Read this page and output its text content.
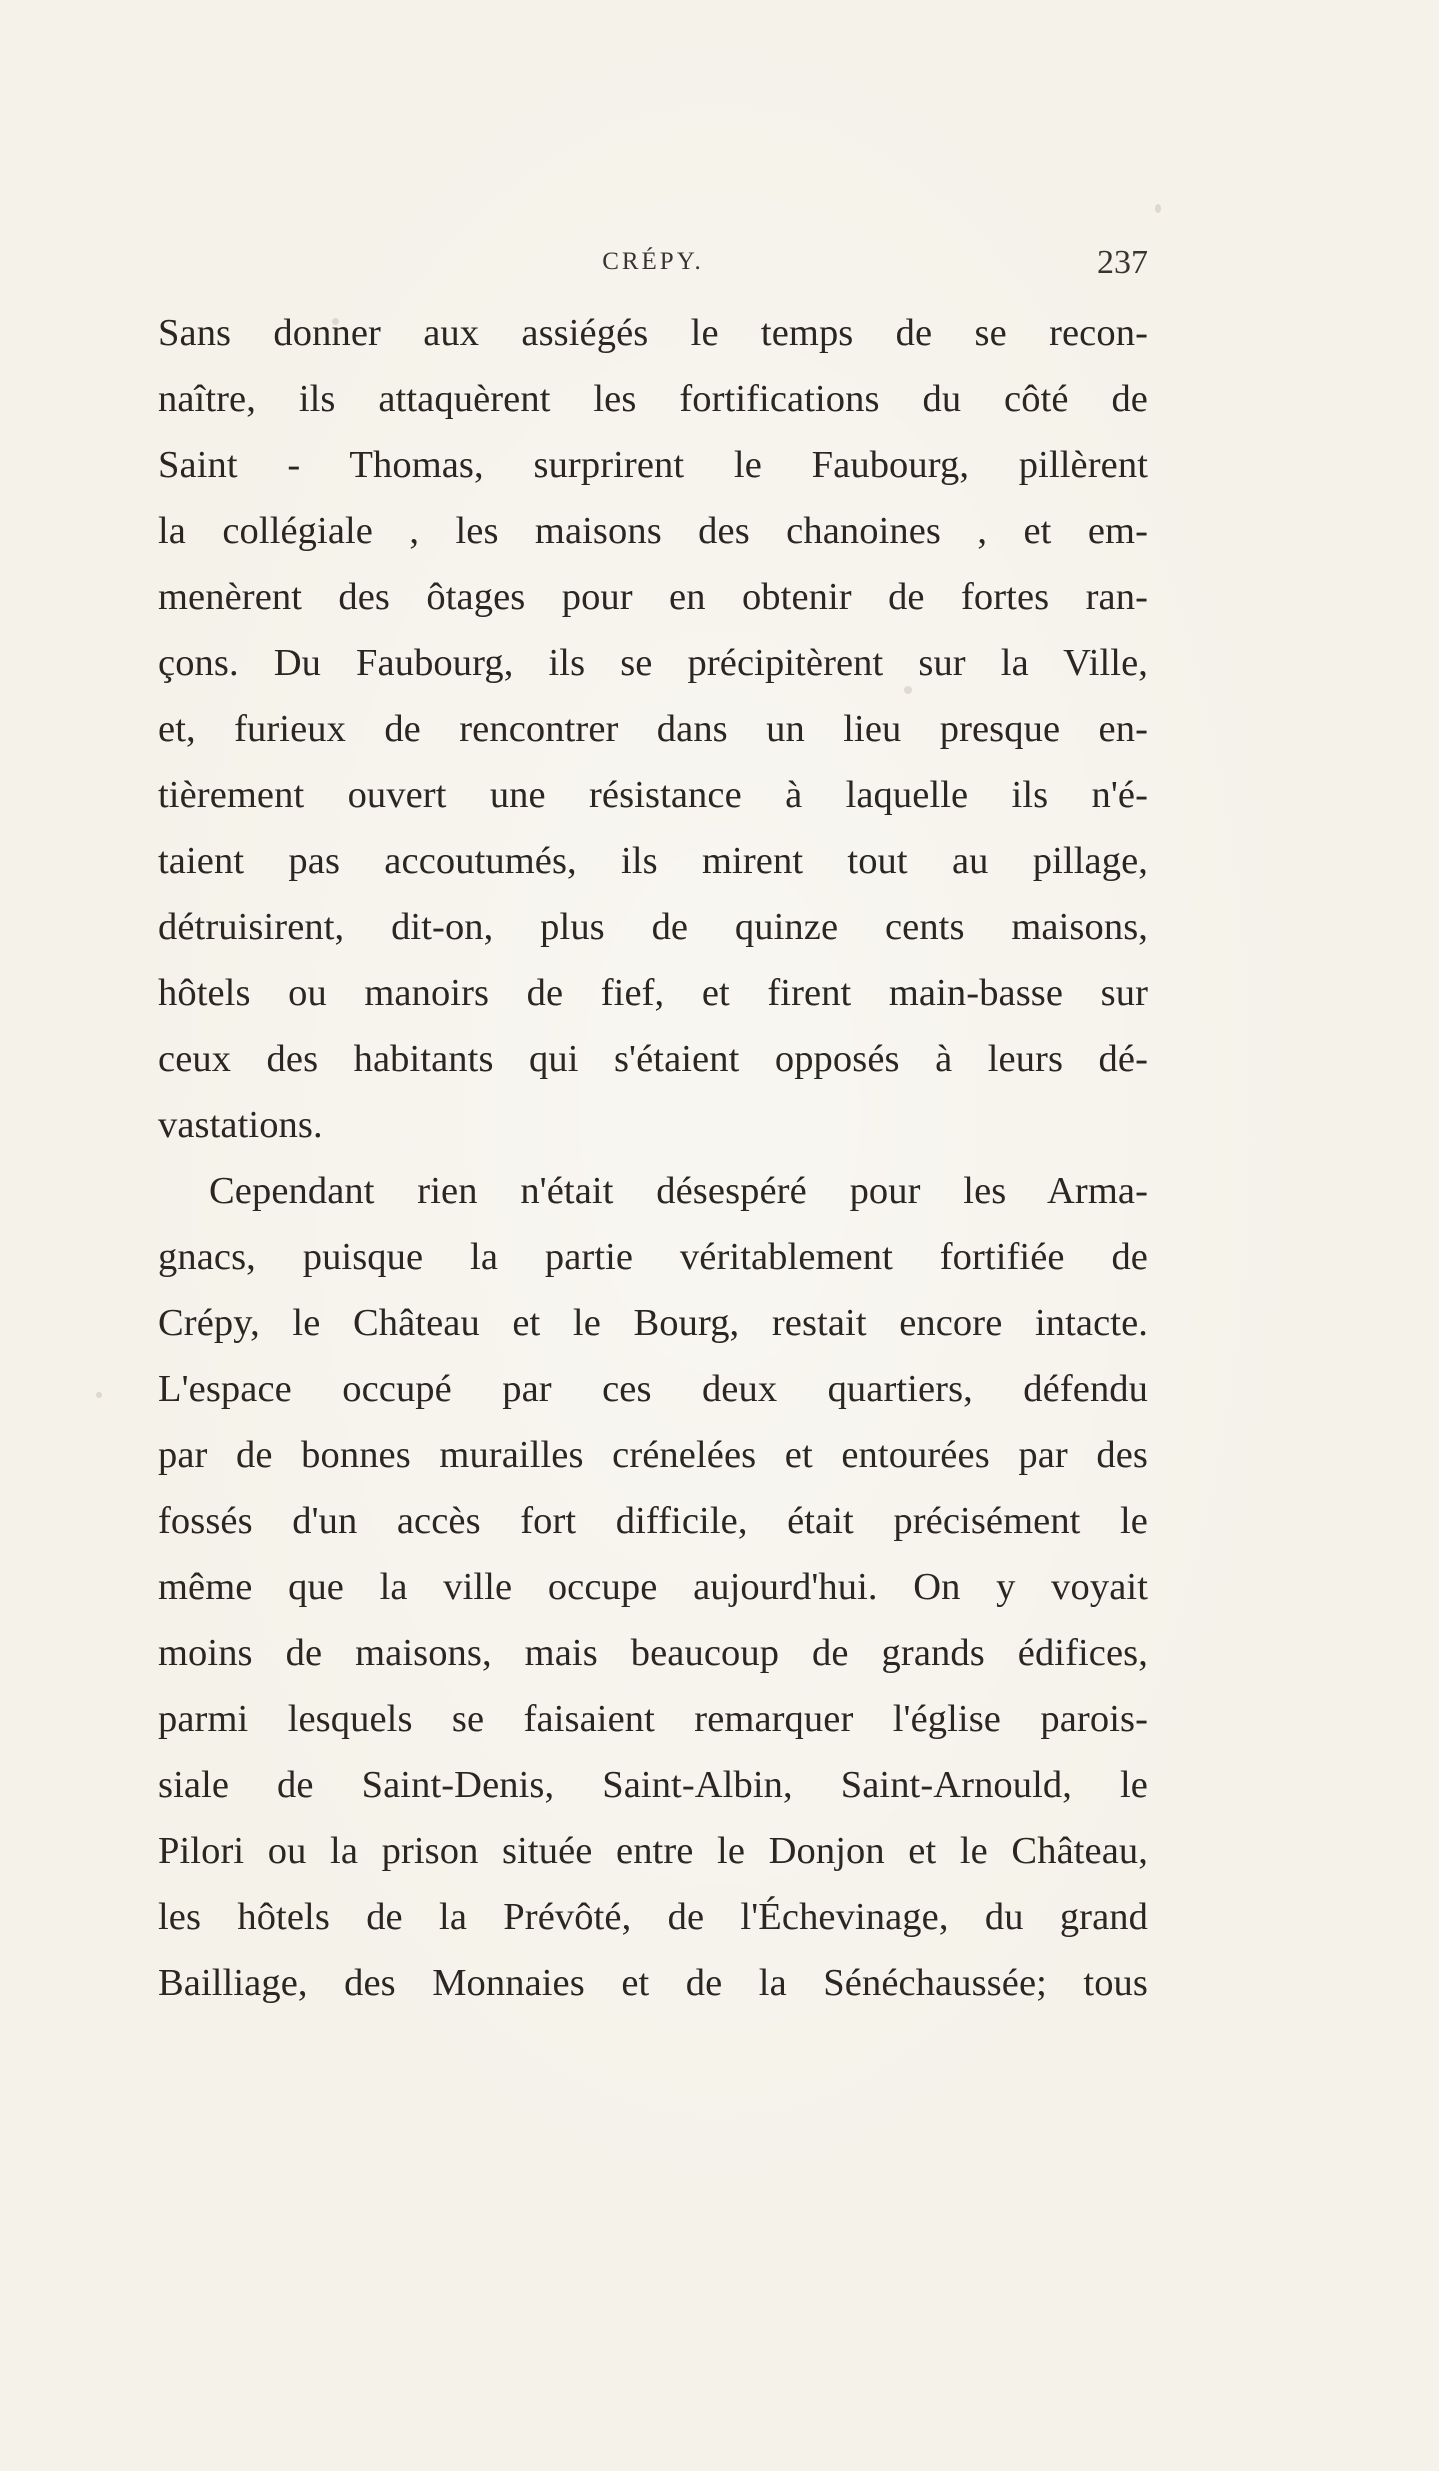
CRÉPY.	237
Sans donner aux assiégés le temps de se recon-
naître, ils attaquèrent les fortifications du côté de
Saint - Thomas, surprirent le Faubourg, pillèrent
la collégiale , les maisons des chanoines , et em-
menèrent des ôtages pour en obtenir de fortes ran-
çons. Du Faubourg, ils se précipitèrent sur la Ville,
et, furieux de rencontrer dans un lieu presque en-
tièrement ouvert une résistance à laquelle ils n'é-
taient pas accoutumés, ils mirent tout au pillage,
détruisirent, dit-on, plus de quinze cents maisons,
hôtels ou manoirs de fief, et firent main-basse sur
ceux des habitants qui s'étaient opposés à leurs dé-
vastations.
Cependant rien n'était désespéré pour les Arma-
gnacs, puisque la partie véritablement fortifiée de
Crépy, le Château et le Bourg, restait encore intacte.
L'espace occupé par ces deux quartiers, défendu
par de bonnes murailles crénelées et entourées par des
fossés d'un accès fort difficile, était précisément le
même que la ville occupe aujourd'hui. On y voyait
moins de maisons, mais beaucoup de grands édifices,
parmi lesquels se faisaient remarquer l'église parois-
siale de Saint-Denis, Saint-Albin, Saint-Arnould, le
Pilori ou la prison située entre le Donjon et le Château,
les hôtels de la Prévôté, de l'Échevinage, du grand
Bailliage, des Monnaies et de la Sénéchaussée; tous
